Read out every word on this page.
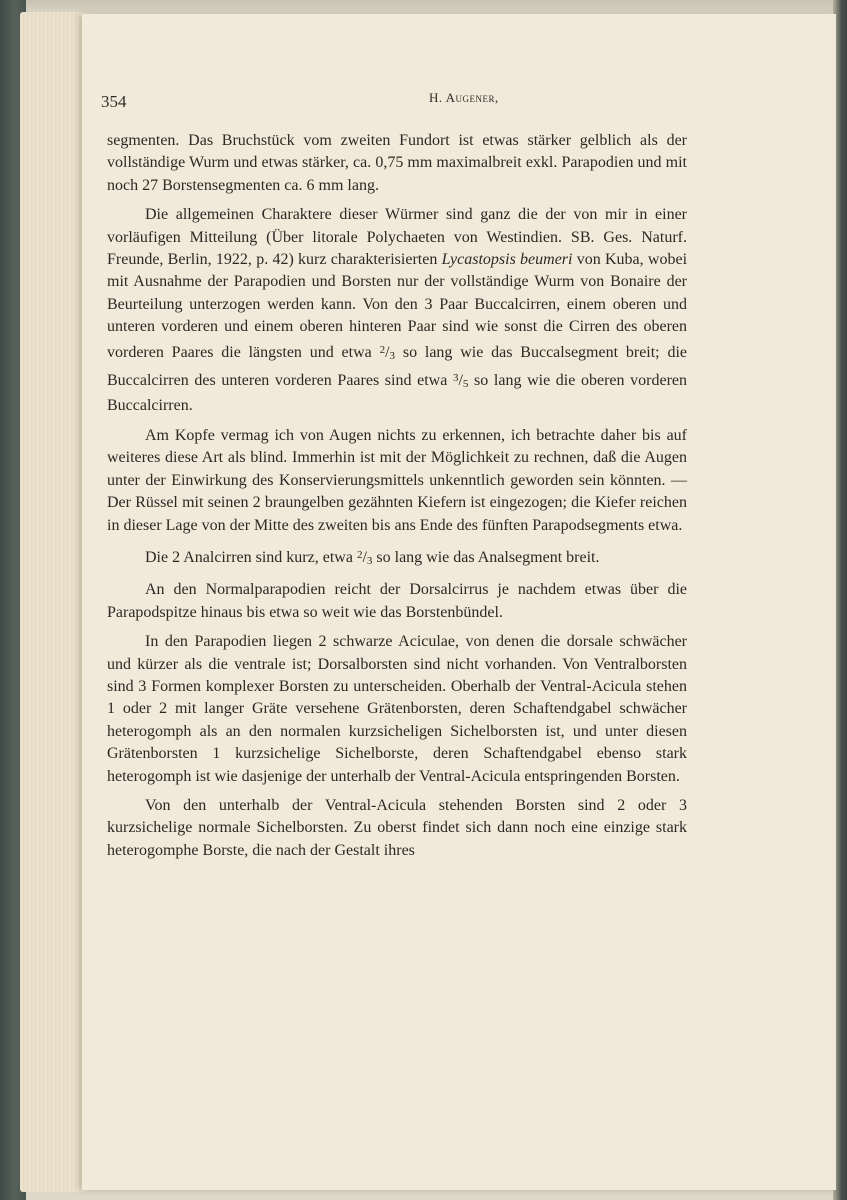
354	H. Augener,

segmenten. Das Bruchstück vom zweiten Fundort ist etwas stärker gelblich als der vollständige Wurm und etwas stärker, ca. 0,75 mm maximalbreit exkl. Parapodien und mit noch 27 Borstensegmenten ca. 6 mm lang.

Die allgemeinen Charaktere dieser Würmer sind ganz die der von mir in einer vorläufigen Mitteilung (Über litorale Polychaeten von Westindien. SB. Ges. Naturf. Freunde, Berlin, 1922, p. 42) kurz charakterisierten Lycastopsis beumeri von Kuba, wobei mit Ausnahme der Parapodien und Borsten nur der vollständige Wurm von Bonaire der Beurteilung unterzogen werden kann. Von den 3 Paar Buccalcirren, einem oberen und unteren vorderen und einem oberen hinteren Paar sind wie sonst die Cirren des oberen vorderen Paares die längsten und etwa $^2$/3 so lang wie das Buccalsegment breit; die Buccalcirren des unteren vorderen Paares sind etwa $^3$/5 so lang wie die oberen vorderen Buccalcirren.

Am Kopfe vermag ich von Augen nichts zu erkennen, ich betrachte daher bis auf weiteres diese Art als blind. Immerhin ist mit der Möglichkeit zu rechnen, daß die Augen unter der Einwirkung des Konservierungsmittels unkenntlich geworden sein könnten. — Der Rüssel mit seinen 2 braungelben gezähnten Kiefern ist eingezogen; die Kiefer reichen in dieser Lage von der Mitte des zweiten bis ans Ende des fünften Parapodsegments etwa.

Die 2 Analcirren sind kurz, etwa $^2$/3 so lang wie das Analsegment breit.

An den Normalparapodien reicht der Dorsalcirrus je nachdem etwas über die Parapodspitze hinaus bis etwa so weit wie das Borstenbündel.

In den Parapodien liegen 2 schwarze Aciculae, von denen die dorsale schwächer und kürzer als die ventrale ist; Dorsalborsten sind nicht vorhanden. Von Ventralborsten sind 3 Formen komplexer Borsten zu unterscheiden. Oberhalb der Ventral-Acicula stehen 1 oder 2 mit langer Gräte versehene Grätenborsten, deren Schaftendgabel schwächer heterogomph als an den normalen kurzsicheligen Sichelborsten ist, und unter diesen Grätenborsten 1 kurzsichelige Sichelborste, deren Schaftendgabel ebenso stark heterogomph ist wie dasjenige der unterhalb der Ventral-Acicula entspringenden Borsten.

Von den unterhalb der Ventral-Acicula stehenden Borsten sind 2 oder 3 kurzsichelige normale Sichelborsten. Zu oberst findet sich dann noch eine einzige stark heterogomphe Borste, die nach der Gestalt ihres
